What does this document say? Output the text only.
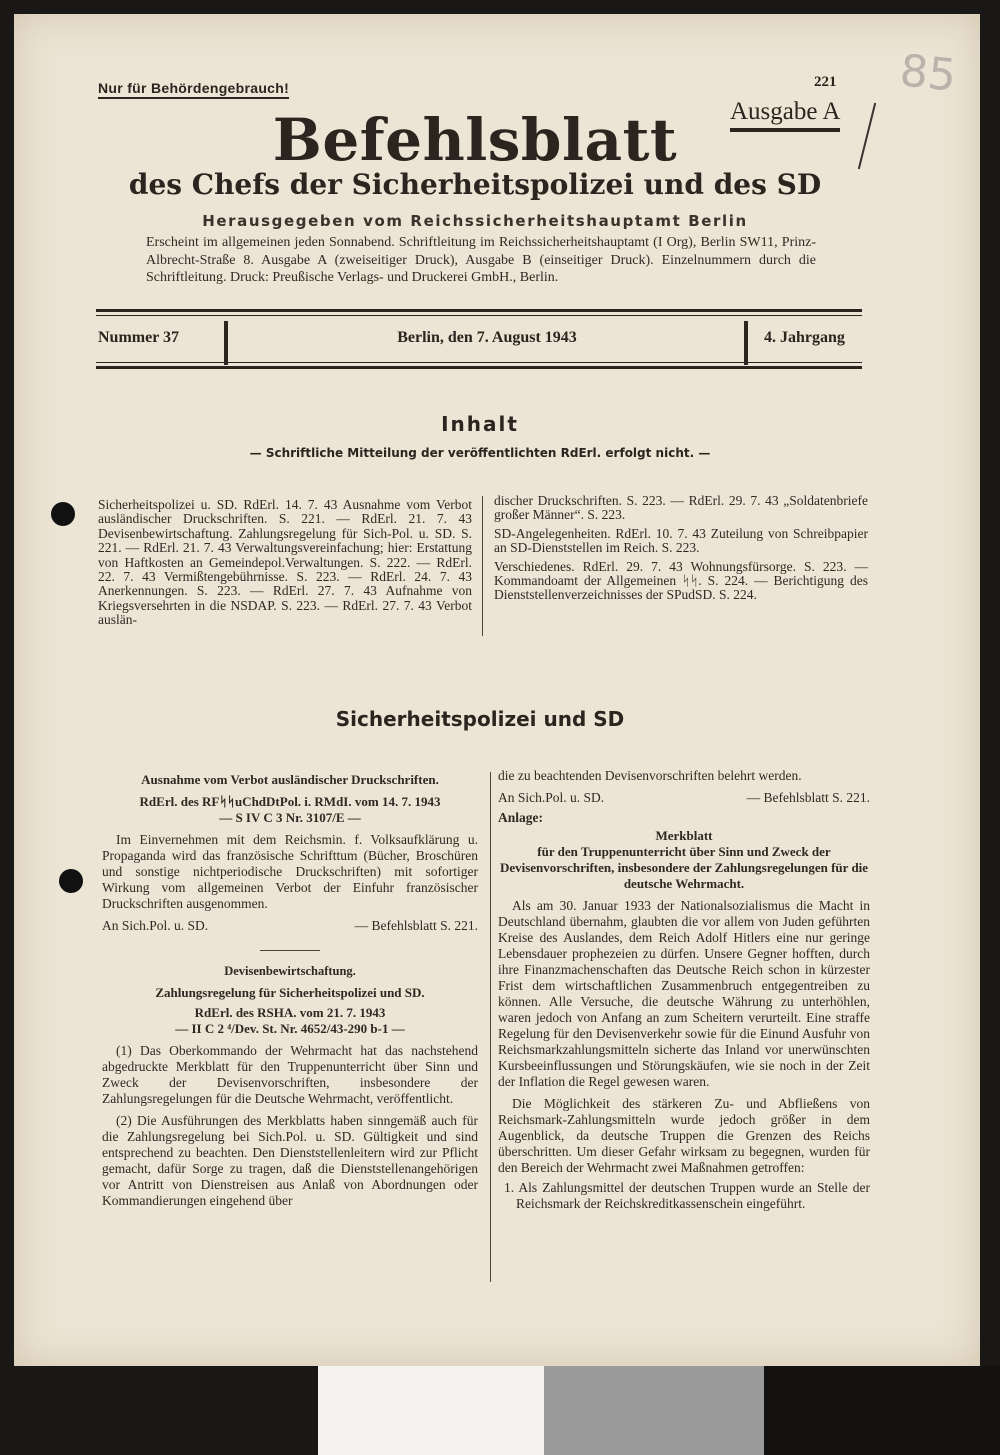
Nur für Behördengebrauch!	221
Ausgabe A
85
Befehlsblatt
des Chefs der Sicherheitspolizei und des SD
Herausgegeben vom Reichssicherheitshauptamt Berlin
Erscheint im allgemeinen jeden Sonnabend. Schriftleitung im Reichssicherheitshauptamt (I Org), Berlin SW11, Prinz-Albrecht-Straße 8. Ausgabe A (zweiseitiger Druck), Ausgabe B (einseitiger Druck). Einzelnummern durch die Schriftleitung. Druck: Preußische Verlags- und Druckerei GmbH., Berlin.
Nummer 37	Berlin, den 7. August 1943	4. Jahrgang
Inhalt
— Schriftliche Mitteilung der veröffentlichten RdErl. erfolgt nicht. —

Sicherheitspolizei u. SD. RdErl. 14. 7. 43 Ausnahme vom Verbot ausländischer Druckschriften. S. 221. — RdErl. 21. 7. 43 Devisenbewirtschaftung. Zahlungsregelung für Sich-Pol. u. SD. S. 221. — RdErl. 21. 7. 43 Verwaltungsvereinfachung; hier: Erstattung von Haftkosten an Gemeindepol.Verwaltungen. S. 222. — RdErl. 22. 7. 43 Vermißtengebührnisse. S. 223. — RdErl. 24. 7. 43 Anerkennungen. S. 223. — RdErl. 27. 7. 43 Aufnahme von Kriegsversehrten in die NSDAP. S. 223. — RdErl. 27. 7. 43 Verbot auslän-

discher Druckschriften. S. 223. — RdErl. 29. 7. 43 „Soldatenbriefe großer Männer“. S. 223.

SD-Angelegenheiten. RdErl. 10. 7. 43 Zuteilung von Schreibpapier an SD-Dienststellen im Reich. S. 223.

Verschiedenes. RdErl. 29. 7. 43 Wohnungsfürsorge. S. 223. — Kommandoamt der Allgemeinen ᛋᛋ. S. 224. — Berichtigung des Dienststellenverzeichnisses der SPudSD. S. 224.

Sicherheitspolizei und SD

Ausnahme vom Verbot ausländischer Druckschriften.

RdErl. des RFᛋᛋuChdDtPol. i. RMdI. vom 14. 7. 1943

— S IV C 3 Nr. 3107/E —

Im Einvernehmen mit dem Reichsmin. f. Volksaufklärung u. Propaganda wird das französische Schrifttum (Bücher, Broschüren und sonstige nichtperiodische Druckschriften) mit sofortiger Wirkung vom allgemeinen Verbot der Einfuhr französischer Druckschriften ausgenommen.

An Sich.Pol. u. SD.	— Befehlsblatt S. 221.

Devisenbewirtschaftung.

Zahlungsregelung für Sicherheitspolizei und SD.

RdErl. des RSHA. vom 21. 7. 1943

— II C 2 ⁴/Dev. St. Nr. 4652/43-290 b-1 —

(1) Das Oberkommando der Wehrmacht hat das nachstehend abgedruckte Merkblatt für den Truppenunterricht über Sinn und Zweck der Devisenvorschriften, insbesondere der Zahlungsregelungen für die Deutsche Wehrmacht, veröffentlicht.

(2) Die Ausführungen des Merkblatts haben sinngemäß auch für die Zahlungsregelung bei Sich.Pol. u. SD. Gültigkeit und sind entsprechend zu beachten. Den Dienststellenleitern wird zur Pflicht gemacht, dafür Sorge zu tragen, daß die Dienststellenangehörigen vor Antritt von Dienstreisen aus Anlaß von Abordnungen oder Kommandierungen eingehend über

die zu beachtenden Devisenvorschriften belehrt werden.

An Sich.Pol. u. SD.	— Befehlsblatt S. 221.

Anlage:

Merkblatt

für den Truppenunterricht über Sinn und Zweck der Devisenvorschriften, insbesondere der Zahlungsregelungen für die deutsche Wehrmacht.

Als am 30. Januar 1933 der Nationalsozialismus die Macht in Deutschland übernahm, glaubten die vor allem von Juden geführten Kreise des Auslandes, dem Reich Adolf Hitlers eine nur geringe Lebensdauer prophezeien zu dürfen. Unsere Gegner hofften, durch ihre Finanzmachenschaften das Deutsche Reich schon in kürzester Frist dem wirtschaftlichen Zusammenbruch entgegentreiben zu können. Alle Versuche, die deutsche Währung zu unterhöhlen, waren jedoch von Anfang an zum Scheitern verurteilt. Eine straffe Regelung für den Devisenverkehr sowie für die Einund Ausfuhr von Reichsmarkzahlungsmitteln sicherte das Inland vor unerwünschten Kursbeeinflussungen und Störungskäufen, wie sie noch in der Zeit der Inflation die Regel gewesen waren.

Die Möglichkeit des stärkeren Zu- und Abfließens von Reichsmark-Zahlungsmitteln wurde jedoch größer in dem Augenblick, da deutsche Truppen die Grenzen des Reichs überschritten. Um dieser Gefahr wirksam zu begegnen, wurden für den Bereich der Wehrmacht zwei Maßnahmen getroffen:

1. Als Zahlungsmittel der deutschen Truppen wurde an Stelle der Reichsmark der Reichskreditkassenschein eingeführt.
